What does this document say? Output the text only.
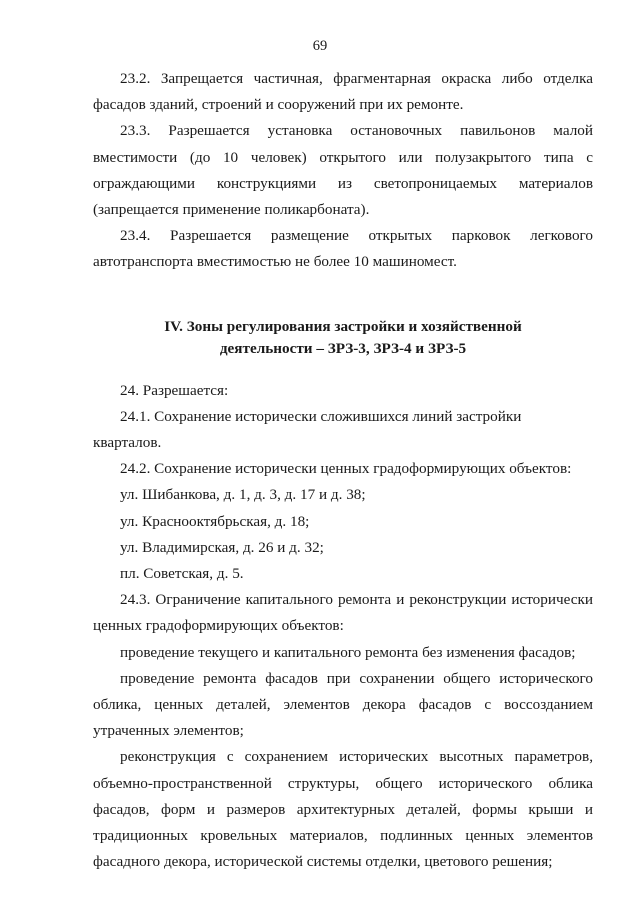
69
23.2. Запрещается частичная, фрагментарная окраска либо отделка
фасадов зданий, строений и сооружений при их ремонте.
23.3. Разрешается установка остановочных павильонов малой
вместимости (до 10 человек) открытого или полузакрытого типа с
ограждающими конструкциями из светопроницаемых материалов
(запрещается применение поликарбоната).
23.4. Разрешается размещение открытых парковок легкового
автотранспорта вместимостью не более 10 машиномест.
IV. Зоны регулирования застройки и хозяйственной
деятельности – ЗРЗ-3, ЗРЗ-4 и ЗРЗ-5
24. Разрешается:
24.1. Сохранение исторически сложившихся линий застройки кварталов.
24.2. Сохранение исторически ценных градоформирующих объектов:
ул. Шибанкова, д. 1, д. 3, д. 17 и д. 38;
ул. Краснооктябрьская, д. 18;
ул. Владимирская, д. 26 и д. 32;
пл. Советская, д. 5.
24.3. Ограничение капитального ремонта и реконструкции исторически
ценных градоформирующих объектов:
проведение текущего и капитального ремонта без изменения фасадов;
проведение ремонта фасадов при сохранении общего исторического
облика, ценных деталей, элементов декора фасадов с воссозданием
утраченных элементов;
реконструкция с сохранением исторических высотных параметров,
объемно-пространственной структуры, общего исторического облика
фасадов, форм и размеров архитектурных деталей, формы крыши и
традиционных кровельных материалов, подлинных ценных элементов
фасадного декора, исторической системы отделки, цветового решения;
